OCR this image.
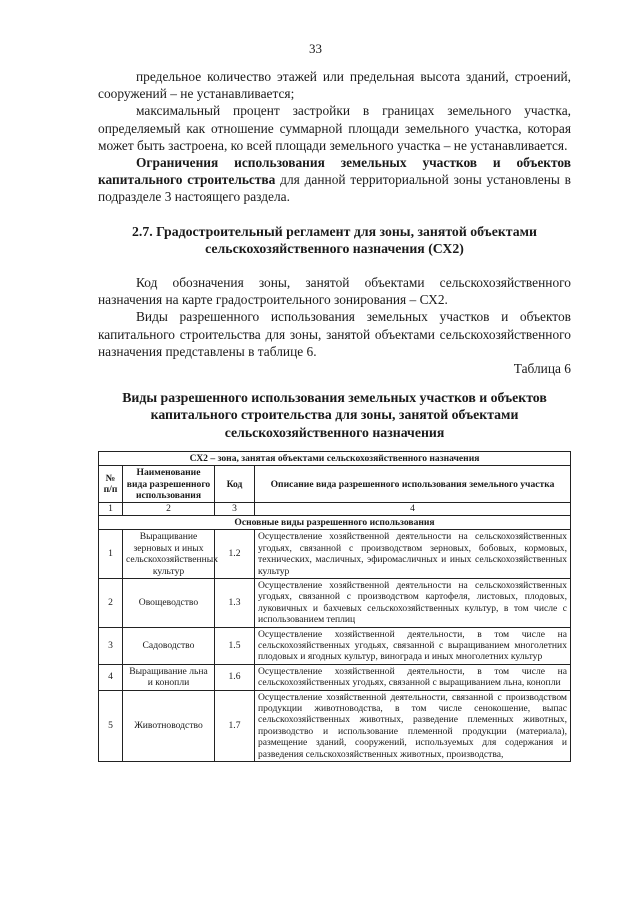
33

предельное количество этажей или предельная высота зданий, строений, сооружений – не устанавливается;

максимальный процент застройки в границах земельного участка, определяемый как отношение суммарной площади земельного участка, которая может быть застроена, ко всей площади земельного участка – не устанавливается.

Ограничения использования земельных участков и объектов капитального строительства для данной территориальной зоны установлены в подразделе 3 настоящего раздела.

2.7. Градостроительный регламент для зоны, занятой объектами сельскохозяйственного назначения (СХ2)

Код обозначения зоны, занятой объектами сельскохозяйственного назначения на карте градостроительного зонирования – СХ2.

Виды разрешенного использования земельных участков и объектов капитального строительства для зоны, занятой объектами сельскохозяйственного назначения представлены в таблице 6.

Таблица 6

Виды разрешенного использования земельных участков и объектов капитального строительства для зоны, занятой объектами сельскохозяйственного назначения
СХ2 – зона, занятая объектами сельскохозяйственного назначения			
№ п/п	Наименование вида разрешенного использования	Код	Описание вида разрешенного использования земельного участка
1	2	3	4
Основные виды разрешенного использования			
1	Выращивание зерновых и иных сельскохозяйственных культур	1.2	Осуществление хозяйственной деятельности на сельскохозяйственных угодьях, связанной с производством зерновых, бобовых, кормовых, технических, масличных, эфиромасличных и иных сельскохозяйственных культур
2	Овощеводство	1.3	Осуществление хозяйственной деятельности на сельскохозяйственных угодьях, связанной с производством картофеля, листовых, плодовых, луковичных и бахчевых сельскохозяйственных культур, в том числе с использованием теплиц
3	Садоводство	1.5	Осуществление хозяйственной деятельности, в том числе на сельскохозяйственных угодьях, связанной с выращиванием многолетних плодовых и ягодных культур, винограда и иных многолетних культур
4	Выращивание льна и конопли	1.6	Осуществление хозяйственной деятельности, в том числе на сельскохозяйственных угодьях, связанной с выращиванием льна, конопли
5	Животноводство	1.7	Осуществление хозяйственной деятельности, связанной с производством продукции животноводства, в том числе сенокошение, выпас сельскохозяйственных животных, разведение племенных животных, производство и использование племенной продукции (материала), размещение зданий, сооружений, используемых для содержания и разведения сельскохозяйственных животных, производства,
